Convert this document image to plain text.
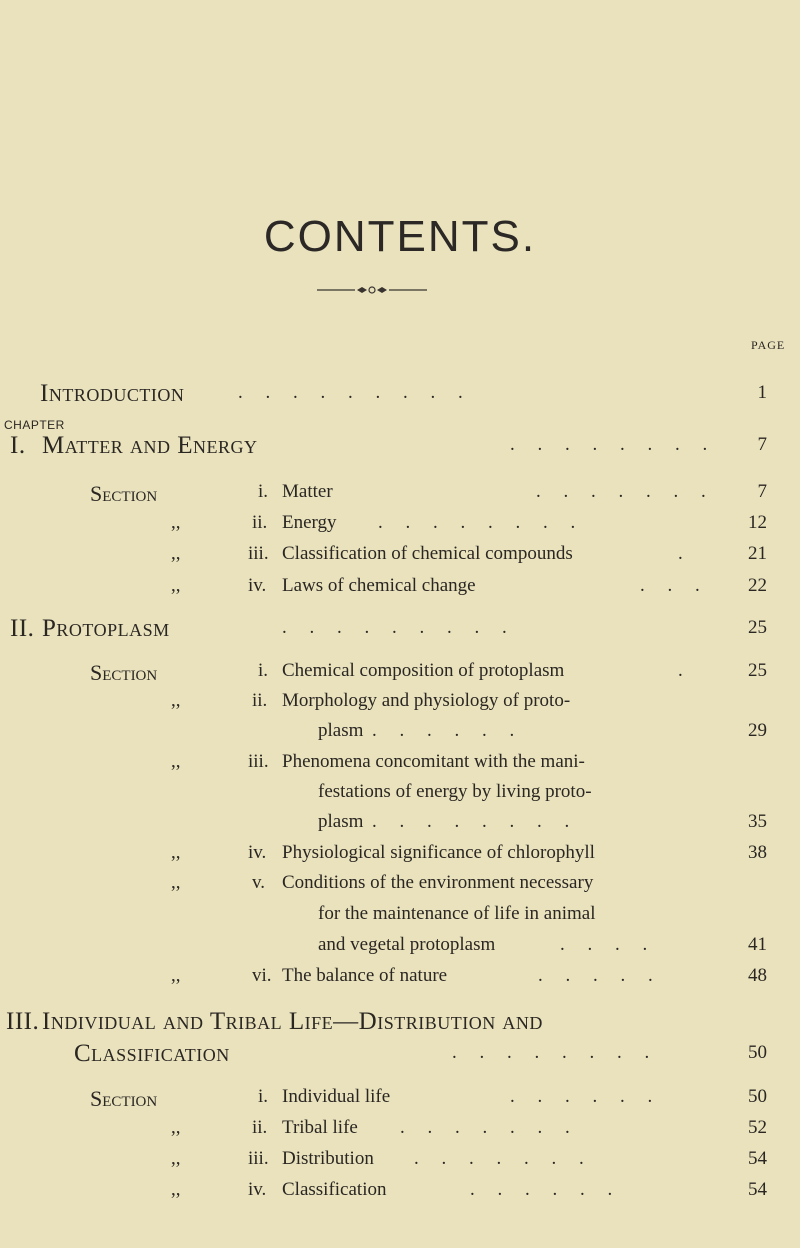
CONTENTS.
PAGE
Introduction	. . . . . . . . .	1
CHAPTER
I. Matter and Energy	. . . . . . . .	7
Section	i. Matter	. . . . . . .	7
,,	ii. Energy . . . . . . . .	12
,,	iii. Classification of chemical compounds	.	21
,,	iv. Laws of chemical change	. . .	22
II. Protoplasm	. . . . . . . . .	25
Section	i. Chemical composition of protoplasm	.	25
,,	ii. Morphology and physiology of proto-
plasm . . . . . .	29
,,	iii. Phenomena concomitant with the mani-
festations of energy by living proto-
plasm . . . . . . . .	35
,,	iv. Physiological significance of chlorophyll	38
,,	v. Conditions of the environment necessary
for the maintenance of life in animal
and vegetal protoplasm	. . . .	41
,,	vi. The balance of nature	. . . . .	48
III. Individual and Tribal Life—Distribution and
Classification	. . . . . . . .	50
Section	i. Individual life	. . . . . .	50
,,	ii. Tribal life . . . . . . .	52
,,	iii. Distribution . . . . . . .	54
,,	iv. Classification	. . . . . .	54
